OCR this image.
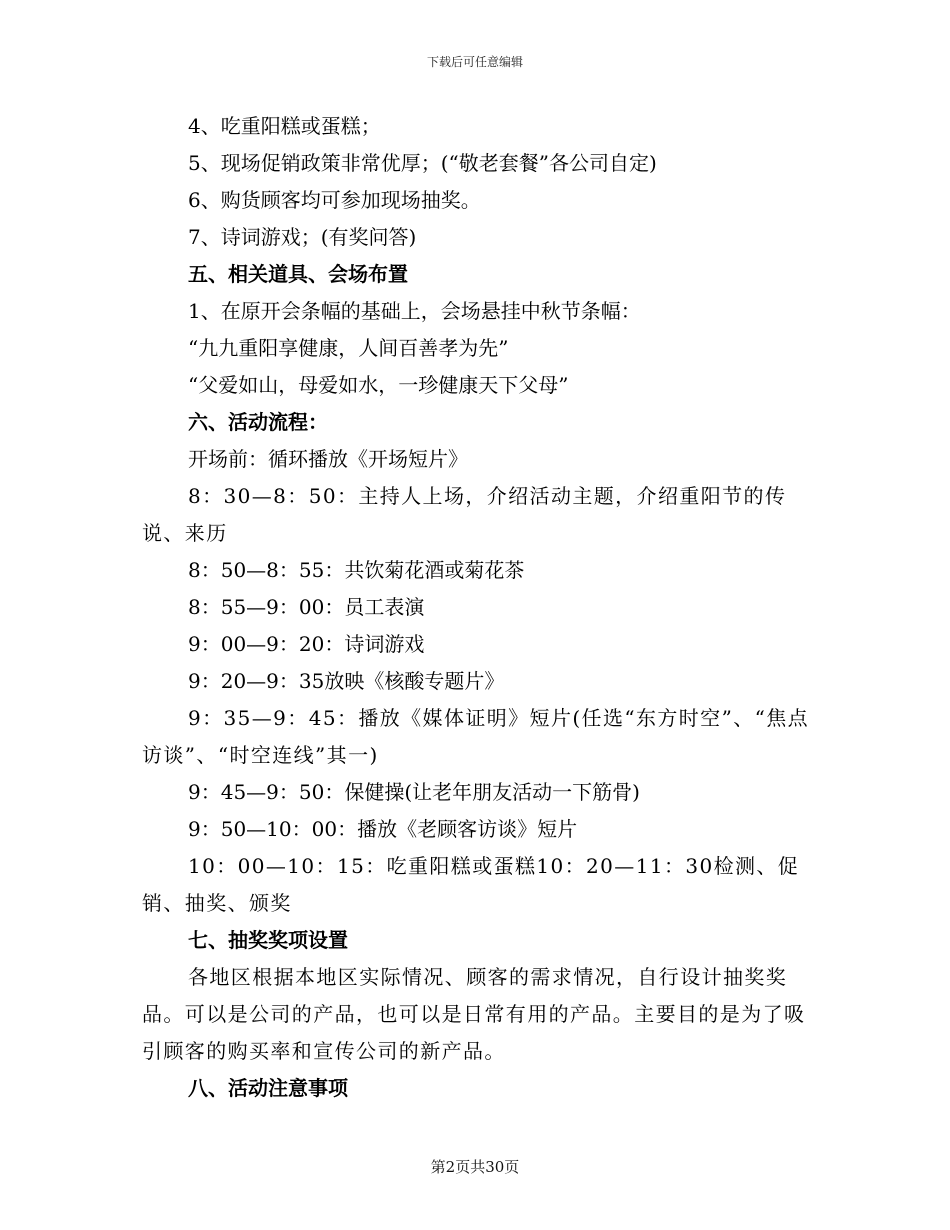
下载后可任意编辑

4、吃重阳糕或蛋糕；

5、现场促销政策非常优厚；(“敬老套餐”各公司自定)

6、购货顾客均可参加现场抽奖。

7、诗词游戏；(有奖问答)

五、相关道具、会场布置

1、在原开会条幅的基础上，会场悬挂中秋节条幅：

“九九重阳享健康，人间百善孝为先”

“父爱如山，母爱如水，一珍健康天下父母”

六、活动流程：

开场前：循环播放《开场短片》

8：30—8：50：主持人上场，介绍活动主题，介绍重阳节的传说、来历

8：50—8：55：共饮菊花酒或菊花茶

8：55—9：00：员工表演

9：00—9：20：诗词游戏

9：20—9：35放映《核酸专题片》

9：35—9：45：播放《媒体证明》短片(任选“东方时空”、“焦点访谈”、“时空连线”其一)

9：45—9：50：保健操(让老年朋友活动一下筋骨)

9：50—10：00：播放《老顾客访谈》短片

10：00—10：15：吃重阳糕或蛋糕10：20—11：30检测、促销、抽奖、颁奖

七、抽奖奖项设置

各地区根据本地区实际情况、顾客的需求情况，自行设计抽奖奖品。可以是公司的产品，也可以是日常有用的产品。主要目的是为了吸引顾客的购买率和宣传公司的新产品。

八、活动注意事项

第2页共30页
